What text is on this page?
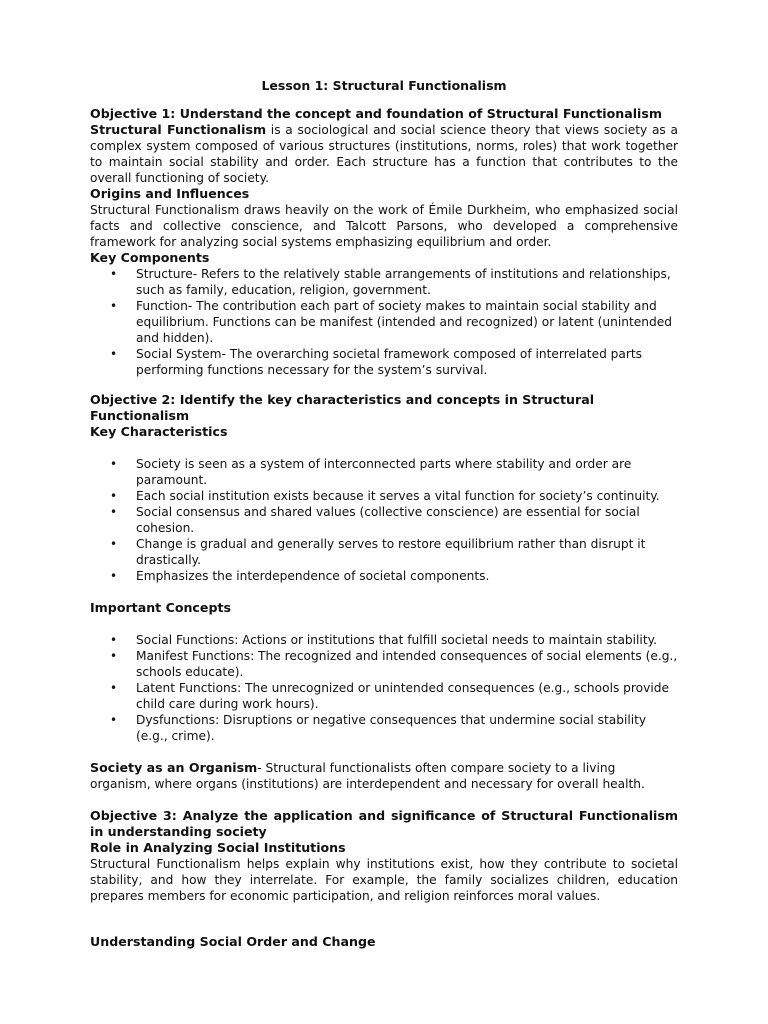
Lesson 1: Structural Functionalism
Objective 1: Understand the concept and foundation of Structural Functionalism

Structural Functionalism is a sociological and social science theory that views society as a complex system composed of various structures (institutions, norms, roles) that work together to maintain social stability and order. Each structure has a function that contributes to the overall functioning of society.

Origins and Influences

Structural Functionalism draws heavily on the work of Émile Durkheim, who emphasized social facts and collective conscience, and Talcott Parsons, who developed a comprehensive framework for analyzing social systems emphasizing equilibrium and order.

Key Components
• Structure- Refers to the relatively stable arrangements of institutions and relationships, such as family, education, religion, government.
• Function- The contribution each part of society makes to maintain social stability and equilibrium. Functions can be manifest (intended and recognized) or latent (unintended and hidden).
• Social System- The overarching societal framework composed of interrelated parts performing functions necessary for the system’s survival.
Objective 2: Identify the key characteristics and concepts in Structural Functionalism
Key Characteristics
• Society is seen as a system of interconnected parts where stability and order are paramount.
• Each social institution exists because it serves a vital function for society’s continuity.
• Social consensus and shared values (collective conscience) are essential for social cohesion.
• Change is gradual and generally serves to restore equilibrium rather than disrupt it drastically.
• Emphasizes the interdependence of societal components.
Important Concepts
• Social Functions: Actions or institutions that fulfill societal needs to maintain stability.
• Manifest Functions: The recognized and intended consequences of social elements (e.g., schools educate).
• Latent Functions: The unrecognized or unintended consequences (e.g., schools provide child care during work hours).
• Dysfunctions: Disruptions or negative consequences that undermine social stability (e.g., crime).

Society as an Organism- Structural functionalists often compare society to a living organism, where organs (institutions) are interdependent and necessary for overall health.

Objective 3: Analyze the application and significance of Structural Functionalism in understanding society
Role in Analyzing Social Institutions

Structural Functionalism helps explain why institutions exist, how they contribute to societal stability, and how they interrelate. For example, the family socializes children, education prepares members for economic participation, and religion reinforces moral values.

Understanding Social Order and Change
